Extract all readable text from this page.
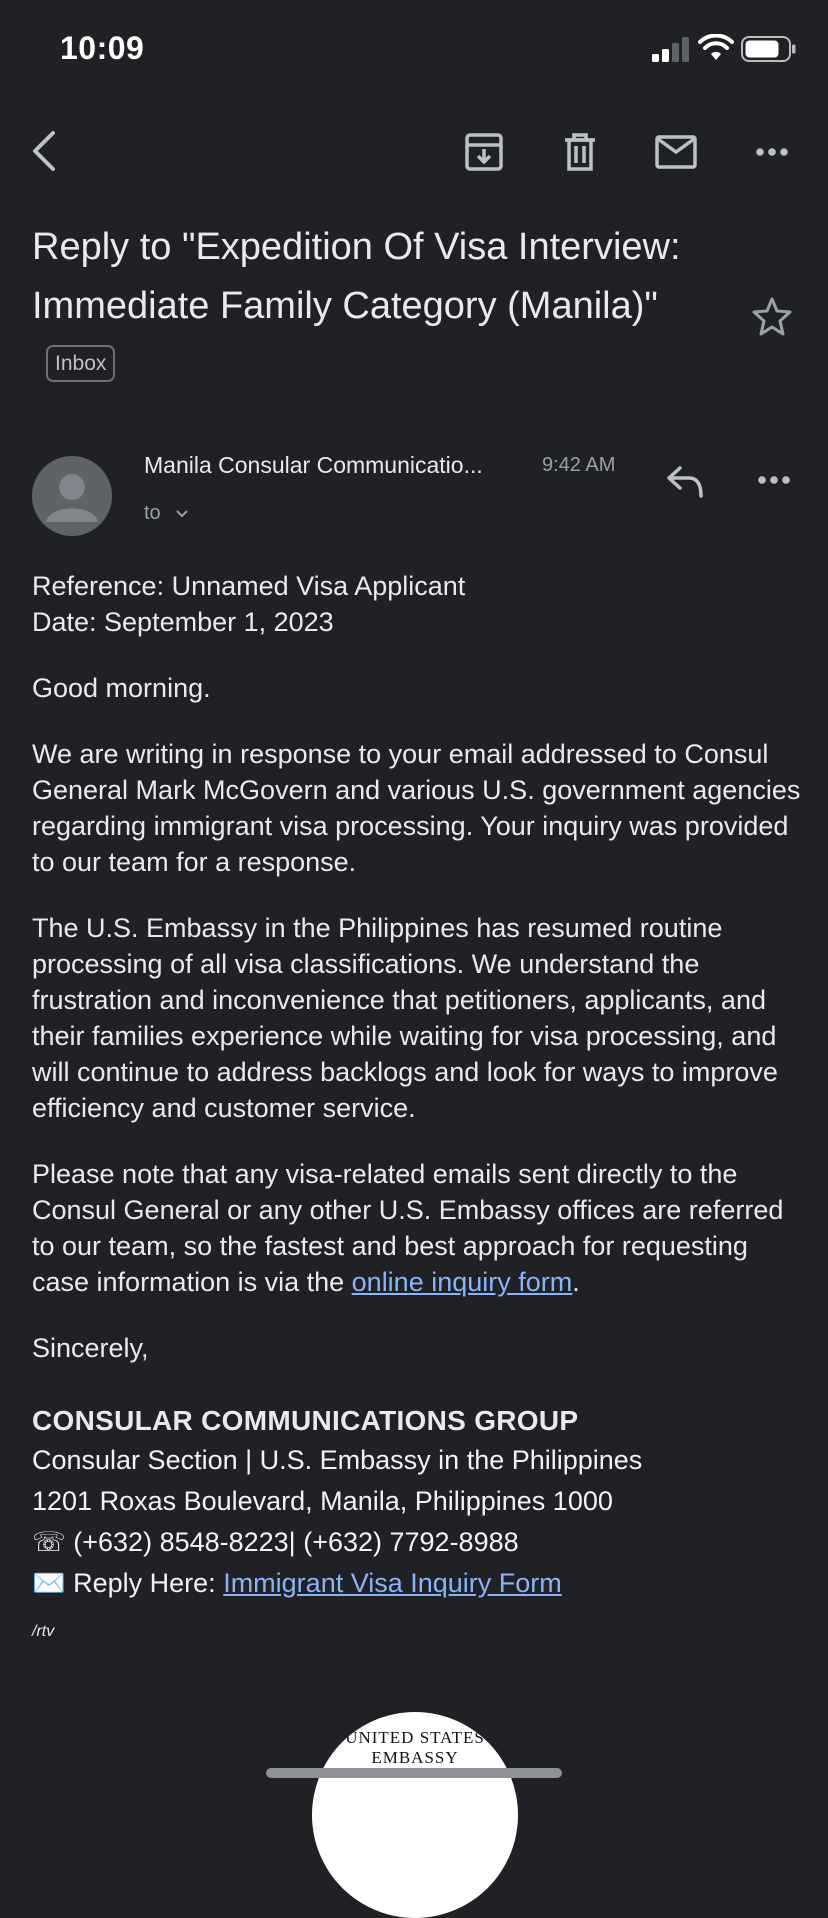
10:09
Reply to "Expedition Of Visa Interview: Immediate Family Category (Manila)"Inbox
Manila Consular Communicatio...	9:42 AM
to

Reference: Unnamed Visa Applicant
Date: September 1, 2023

Good morning.

We are writing in response to your email addressed to Consul General Mark McGovern and various U.S. government agencies regarding immigrant visa processing. Your inquiry was provided to our team for a response.

The U.S. Embassy in the Philippines has resumed routine processing of all visa classifications. We understand the frustration and inconvenience that petitioners, applicants, and their families experience while waiting for visa processing, and will continue to address backlogs and look for ways to improve efficiency and customer service.

Please note that any visa-related emails sent directly to the Consul General or any other U.S. Embassy offices are referred to our team, so the fastest and best approach for requesting case information is via the online inquiry form.

Sincerely,

CONSULAR COMMUNICATIONS GROUP
Consular Section | U.S. Embassy in the Philippines
1201 Roxas Boulevard, Manila, Philippines 1000
☏ (+632) 8548-8223| (+632) 7792-8988
✉️ Reply Here: Immigrant Visa Inquiry Form
/rtv
UNITED STATES EMBASSY
